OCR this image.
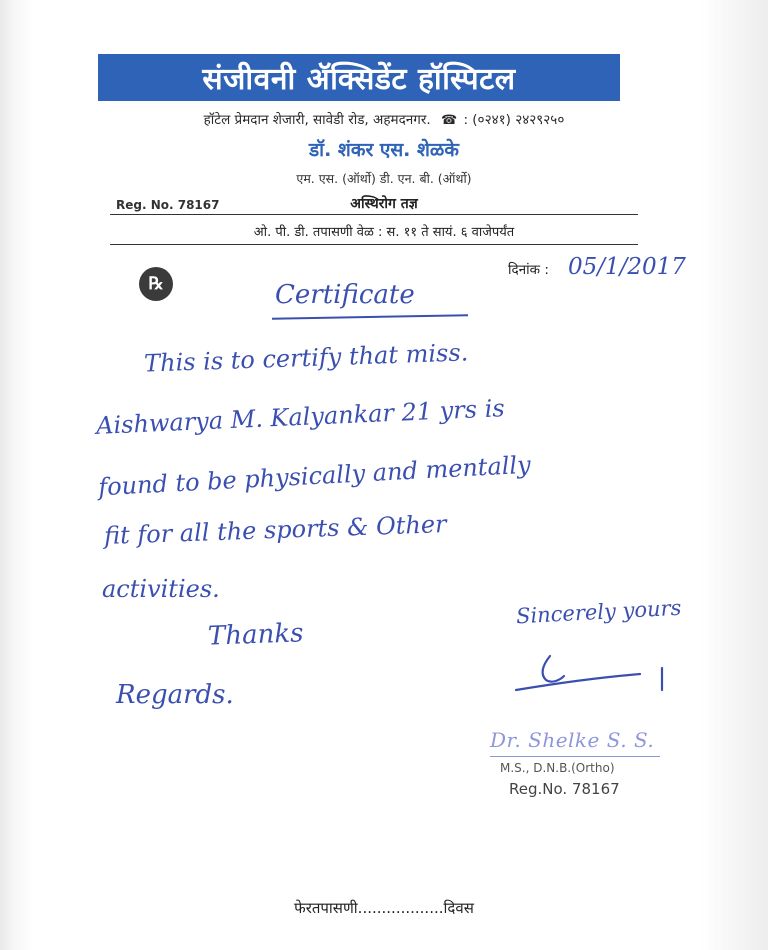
संजीवनी ॲक्सिडेंट हॉस्पिटल
हॉटेल प्रेमदान शेजारी, सावेडी रोड, अहमदनगर. ☎ : (०२४१) २४२९२५०
डॉ. शंकर एस. शेळके
एम. एस. (ऑर्थो) डी. एन. बी. (ऑर्थो)
Reg. No. 78167	अस्थिरोग तज्ञ
ओ. पी. डी. तपासणी वेळ : स. ११ ते सायं. ६ वाजेपर्यंत
दिनांक : 05/1/2017
℞	Certificate
This is to certify that miss.
Aishwarya M. Kalyankar 21 yrs is
found to be physically and mentally
fit for all the sports & Other
activities.
Thanks
Regards.
Sincerely yours
Dr. Shelke S. S.
M.S., D.N.B.(Ortho)
Reg.No. 78167
फेरतपासणी..................दिवस
